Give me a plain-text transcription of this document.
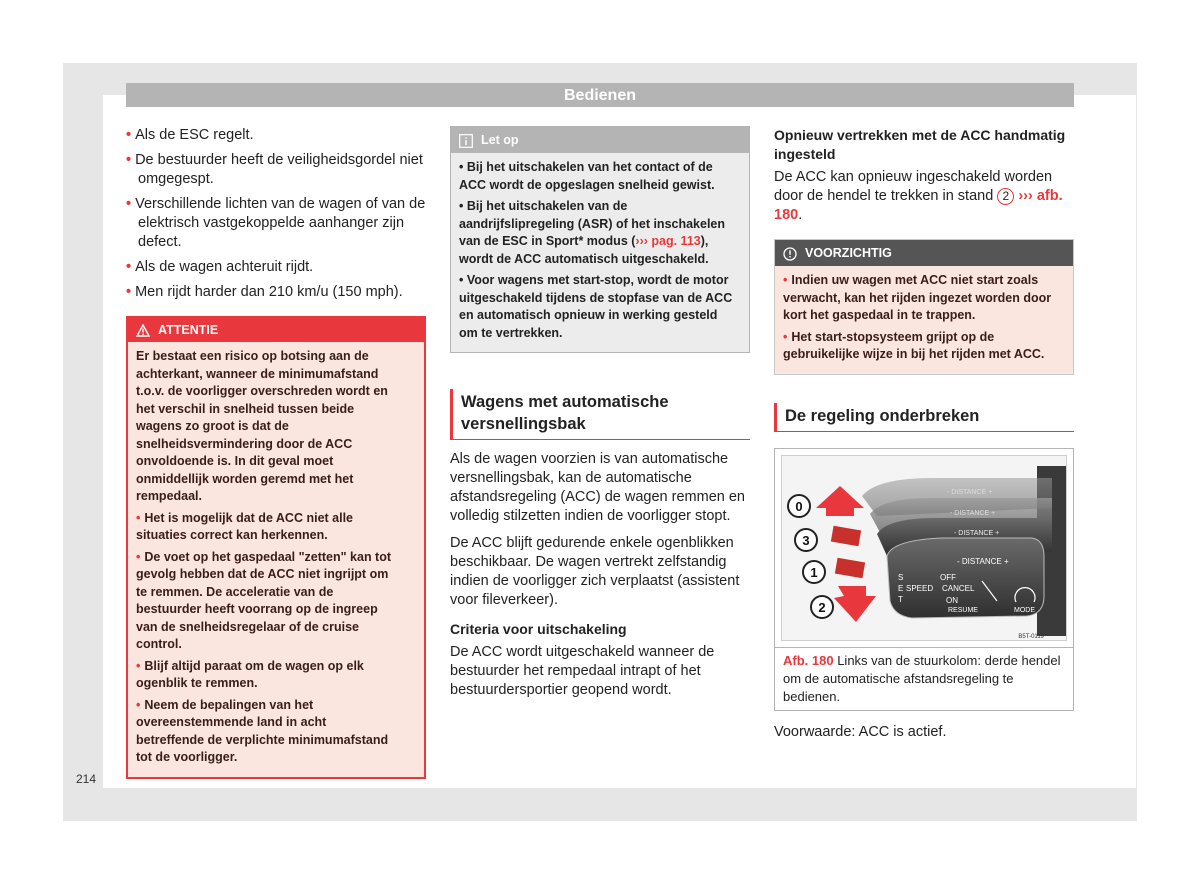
Bedienen
• Als de ESC regelt.
• De bestuurder heeft de veiligheidsgordel niet omgegespt.
• Verschillende lichten van de wagen of van de elektrisch vastgekoppelde aanhanger zijn defect.
• Als de wagen achteruit rijdt.
• Men rijdt harder dan 210 km/u (150 mph).
ATTENTIE
Er bestaat een risico op botsing aan de achterkant, wanneer de minimumafstand t.o.v. de voorligger overschreden wordt en het verschil in snelheid tussen beide wagens zo groot is dat de snelheidsvermindering door de ACC onvoldoende is. In dit geval moet onmiddellijk worden geremd met het rempedaal.
• Het is mogelijk dat de ACC niet alle situaties correct kan herkennen.
• De voet op het gaspedaal "zetten" kan tot gevolg hebben dat de ACC niet ingrijpt om te remmen. De acceleratie van de bestuurder heeft voorrang op de ingreep van de snelheidsregelaar of de cruise control.
• Blijf altijd paraat om de wagen op elk ogenblik te remmen.
• Neem de bepalingen van het overeenstemmende land in acht betreffende de verplichte minimumafstand tot de voorligger.
Let op
• Bij het uitschakelen van het contact of de ACC wordt de opgeslagen snelheid gewist.
• Bij het uitschakelen van de aandrijfslipregeling (ASR) of het inschakelen van de ESC in Sport* modus (››› pag. 113), wordt de ACC automatisch uitgeschakeld.
• Voor wagens met start-stop, wordt de motor uitgeschakeld tijdens de stopfase van de ACC en automatisch opnieuw in werking gesteld om te vertrekken.
Wagens met automatische versnellingsbak
Als de wagen voorzien is van automatische versnellingsbak, kan de automatische afstandsregeling (ACC) de wagen remmen en volledig stilzetten indien de voorligger stopt.
De ACC blijft gedurende enkele ogenblikken beschikbaar. De wagen vertrekt zelfstandig indien de voorligger zich verplaatst (assistent voor fileverkeer).
Criteria voor uitschakeling
De ACC wordt uitgeschakeld wanneer de bestuurder het rempedaal intrapt of het bestuurdersportier geopend wordt.
Opnieuw vertrekken met de ACC handmatig ingesteld
De ACC kan opnieuw ingeschakeld worden door de hendel te trekken in stand 2 ››› afb. 180.
VOORZICHTIG
• Indien uw wagen met ACC niet start zoals verwacht, kan het rijden ingezet worden door kort het gaspedaal in te trappen.
• Het start-stopsysteem grijpt op de gebruikelijke wijze in bij het rijden met ACC.
De regeling onderbreken
- DISTANCE +
- DISTANCE +
- DISTANCE +
- DISTANCE +
S
E
T
SPEED
OFF
CANCEL
ON
RESUME	MODE
0
3
1
2
B5T-0119
Afb. 180 Links van de stuurkolom: derde hendel om de automatische afstandsregeling te bedienen.
Voorwaarde: ACC is actief.
214
